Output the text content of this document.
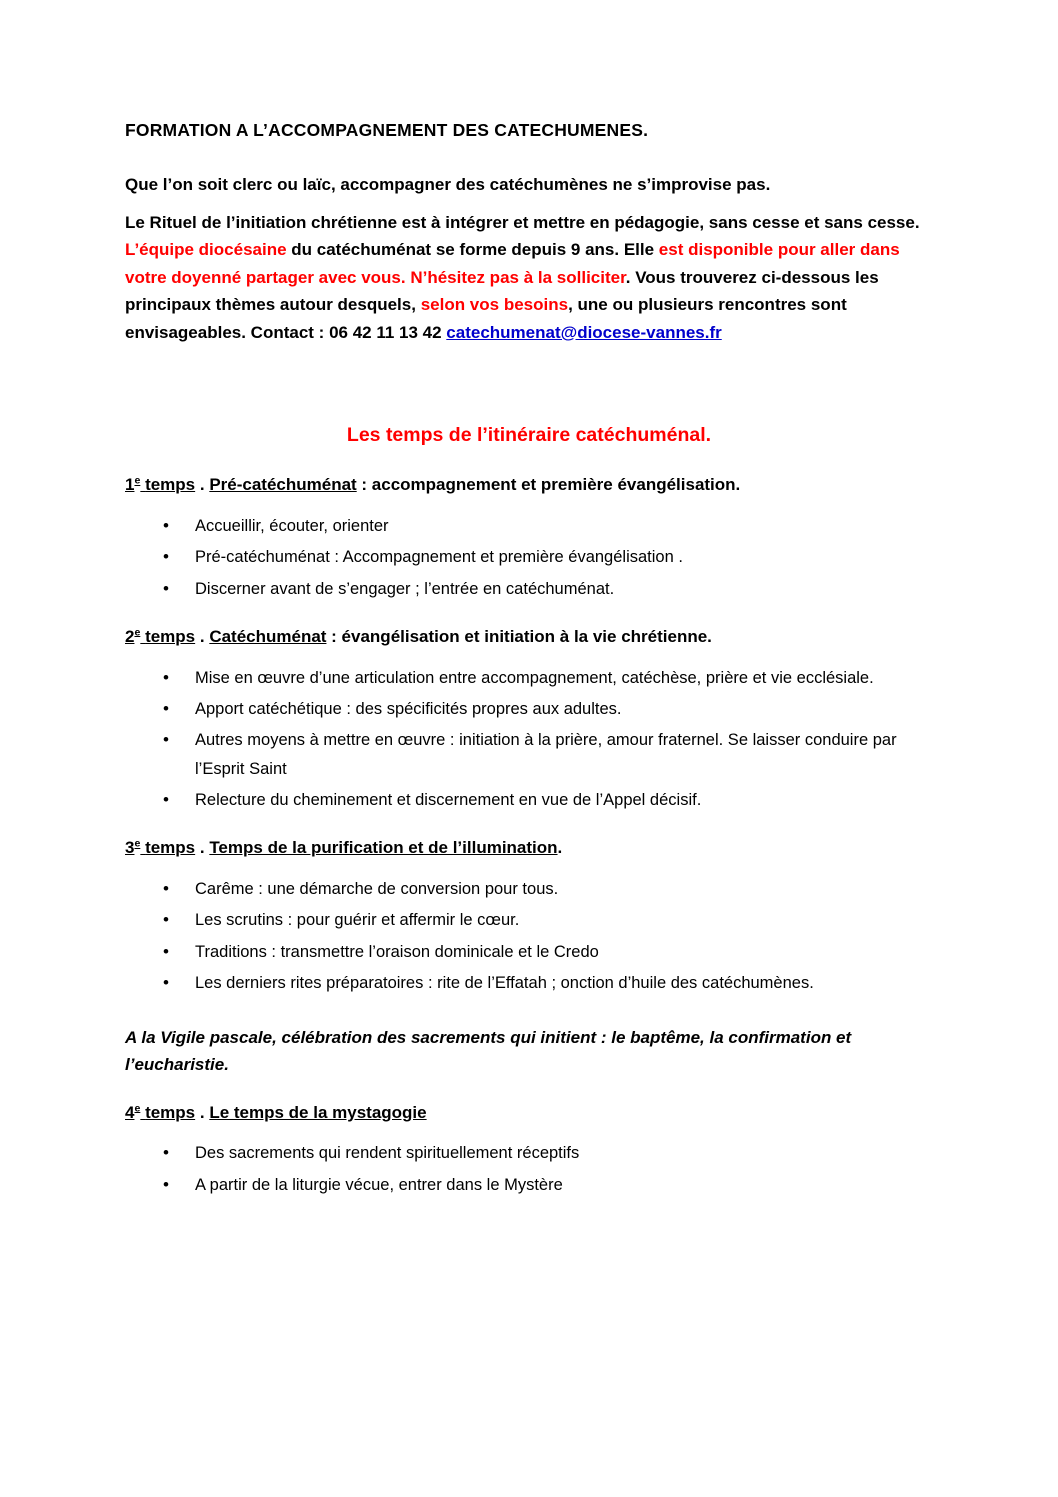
FORMATION A L’ACCOMPAGNEMENT DES CATECHUMENES.

Que l’on soit clerc ou laïc, accompagner des catéchumènes ne s’improvise pas.

Le Rituel de l’initiation chrétienne est à intégrer et mettre en pédagogie, sans cesse et sans cesse. L’équipe diocésaine du catéchuménat se forme depuis 9 ans. Elle est disponible pour aller dans votre doyenné partager avec vous. N’hésitez pas à la solliciter. Vous trouverez ci-dessous les principaux thèmes autour desquels, selon vos besoins, une ou plusieurs rencontres sont envisageables. Contact : 06 42 11 13 42 catechumenat@diocese-vannes.fr

Les temps de l’itinéraire catéchuménal.

1e temps . Pré-catéchuménat : accompagnement et première évangélisation.

• Accueillir, écouter, orienter
• Pré-catéchuménat : Accompagnement et première évangélisation .
• Discerner avant de s’engager ; l’entrée en catéchuménat.

2e temps . Catéchuménat : évangélisation et initiation à la vie chrétienne.

• Mise en œuvre d’une articulation entre accompagnement, catéchèse, prière et vie ecclésiale.
• Apport catéchétique : des spécificités propres aux adultes.
• Autres moyens à mettre en œuvre : initiation à la prière, amour fraternel. Se laisser conduire par l’Esprit Saint
• Relecture du cheminement et discernement en vue de l’Appel décisif.

3e temps . Temps de la purification et de l’illumination.

• Carême : une démarche de conversion pour tous.
• Les scrutins : pour guérir et affermir le cœur.
• Traditions : transmettre l’oraison dominicale et le Credo
• Les derniers rites préparatoires : rite de l’Effatah ; onction d’huile des catéchumènes.

A la Vigile pascale, célébration des sacrements qui initient : le baptême, la confirmation et l’eucharistie.

4e temps . Le temps de la mystagogie

• Des sacrements qui rendent spirituellement réceptifs
• A partir de la liturgie vécue, entrer dans le Mystère
